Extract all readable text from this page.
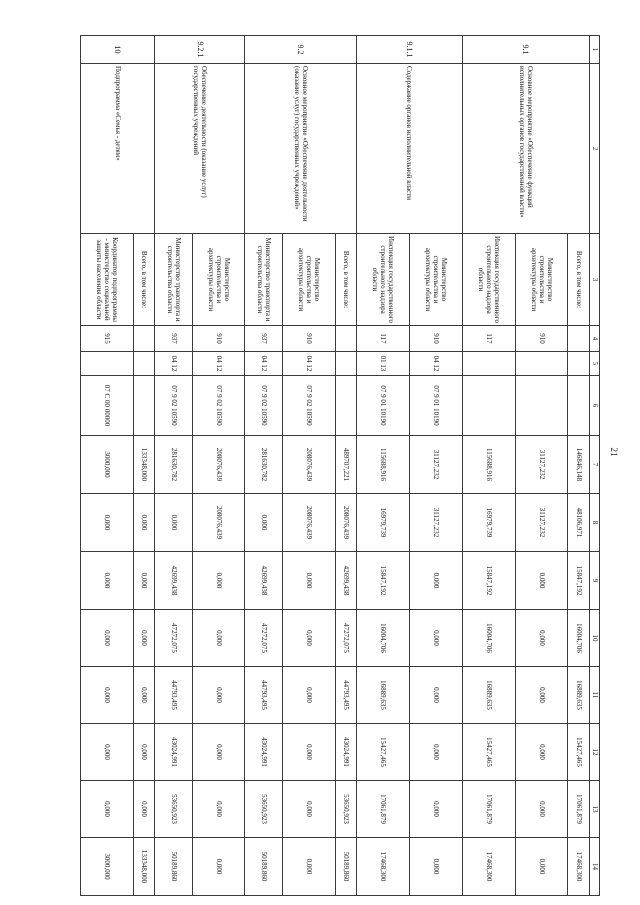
21
1	2	3	4	5	6	7	8	9	10	11	12	13	14
9.1	Основное мероприятие «Обеспечение функций исполнительных органов государственной власти»	Всего, в том числе:				146846,148	48106,971	15847,192	16004,706	16889,635	15427,465	17061,879	17468,300
		Министерство строительства и архитектуры области	910			31127,232	31127,232	0,000	0,000	0,000	0,000	0,000	0,000
		Инспекция государственного строительного надзора области	117			115688,916	16979,739	15847,192	16004,706	16889,635	15427,465	17061,879	17468,300
9.1.1	Содержание органов исполнительной власти	Министерство строительства и архитектуры области	910	04 12	07 9 01 10190	31127,232	31127,232	0,000	0,000	0,000	0,000	0,000	0,000
		Инспекция государственного строительного надзора области	117	01 13	07 9 01 10190	115688,916	16979,739	15847,192	16004,706	16889,635	15427,465	17061,879	17468,300
9.2	Основное мероприятие «Обеспечение деятельности (оказание услуг) государственных учреждений»	Всего, в том числе:				489707,221	208076,439	42699,438	47272,075	44793,495	43024,991	53650,923	50189,860
		Министерство строительства и архитектуры области	910	04 12	07 9 02 10590	208076,439	208076,439	0,000	0,000	0,000	0,000	0,000	0,000
		Министерство транспорта и строительства области	937	04 12	07 9 02 10590	281630,782	0,000	42699,438	47272,075	44793,495	43024,991	53650,923	50189,860
9.2.1	Обеспечение деятельности (оказание услуг) государственных учреждений	Министерство строительства и архитектуры области	910	04 12	07 9 02 10590	208076,439	208076,439	0,000	0,000	0,000	0,000	0,000	0,000
		Министерство транспорта и строительства области	937	04 12	07 9 02 10590	281630,782	0,000	42699,438	47272,075	44793,495	43024,991	53650,923	50189,860
10	Подпрограмма «Семья - детям»	Всего, в том числе:				133348,000	0,000	0,000	0,000	0,000	0,000	0,000	133348,000
		Координатор подпрограммы - министерство социальной защиты населения области	915		07 С 00 00000	3000,000	0,000	0,000	0,000	0,000	0,000	0,000	3000,000
